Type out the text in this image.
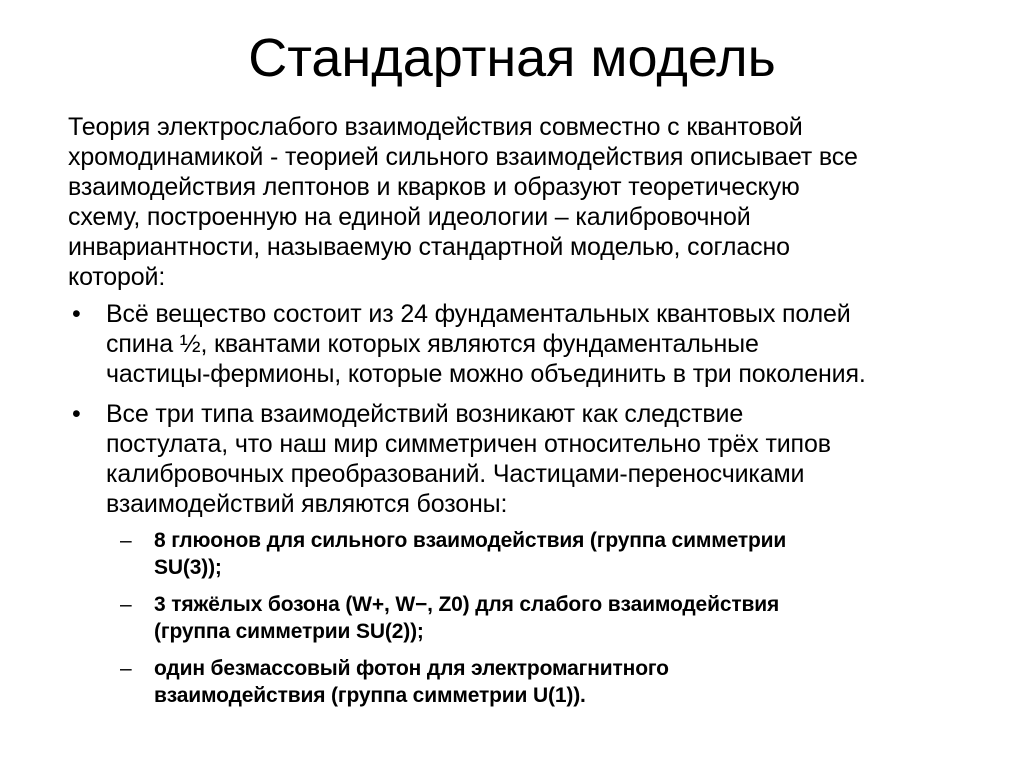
Стандартная модель

Теория электрослабого взаимодействия совместно с квантовой
хромодинамикой - теорией сильного взаимодействия описывает все
взаимодействия лептонов и кварков и образуют теоретическую
схему, построенную на единой идеологии – калибровочной
инвариантности, называемую стандартной моделью, согласно
которой:

• Всё вещество состоит из 24 фундаментальных квантовых полей
спина ½, квантами которых являются фундаментальные
частицы-фермионы, которые можно объединить в три поколения.
• Все три типа взаимодействий возникают как следствие
постулата, что наш мир симметричен относительно трёх типов
калибровочных преобразований. Частицами-переносчиками
взаимодействий являются бозоны:
– 8 глюонов для сильного взаимодействия (группа симметрии
SU(3));
– 3 тяжёлых бозона (W+, W−, Z0) для слабого взаимодействия
(группа симметрии SU(2));
– один безмассовый фотон для электромагнитного
взаимодействия (группа симметрии U(1)).
